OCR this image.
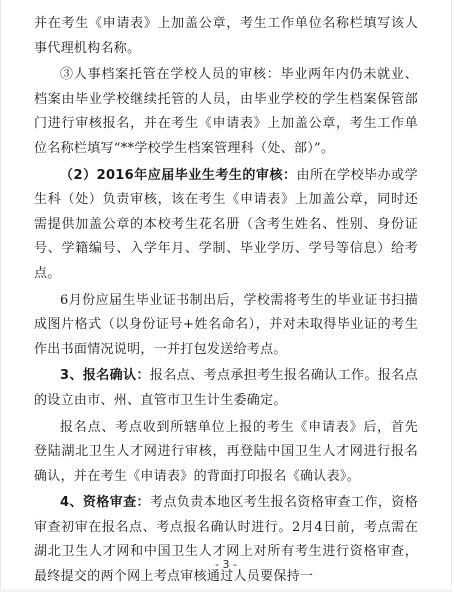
并在考生《申请表》上加盖公章，考生工作单位名称栏填写该人事代理机构名称。

③人事档案托管在学校人员的审核：毕业两年内仍未就业、档案由毕业学校继续托管的人员，由毕业学校的学生档案保管部门进行审核报名，并在考生《申请表》上加盖公章，考生工作单位名称栏填写“**学校学生档案管理科（处、部）”。

（2）2016年应届毕业生考生的审核：由所在学校毕办或学生科（处）负责审核，该在考生《申请表》上加盖公章，同时还需提供加盖公章的本校考生花名册（含考生姓名、性别、身份证号、学籍编号、入学年月、学制、毕业学历、学号等信息）给考点。

6月份应届生毕业证书制出后，学校需将考生的毕业证书扫描成图片格式（以身份证号+姓名命名），并对未取得毕业证的考生作出书面情况说明，一并打包发送给考点。

3、报名确认：报名点、考点承担考生报名确认工作。报名点的设立由市、州、直管市卫生计生委确定。

报名点、考点收到所辖单位上报的考生《申请表》后，首先登陆湖北卫生人才网进行审核，再登陆中国卫生人才网进行报名确认，并在考生《申请表》的背面打印报名《确认表》。

4、资格审查：考点负责本地区考生报名资格审查工作，资格审查初审在报名点、考点报名确认时进行。2月4日前，考点需在湖北卫生人才网和中国卫生人才网上对所有考生进行资格审查，最终提交的两个网上考点审核通过人员要保持一

- 3 -
